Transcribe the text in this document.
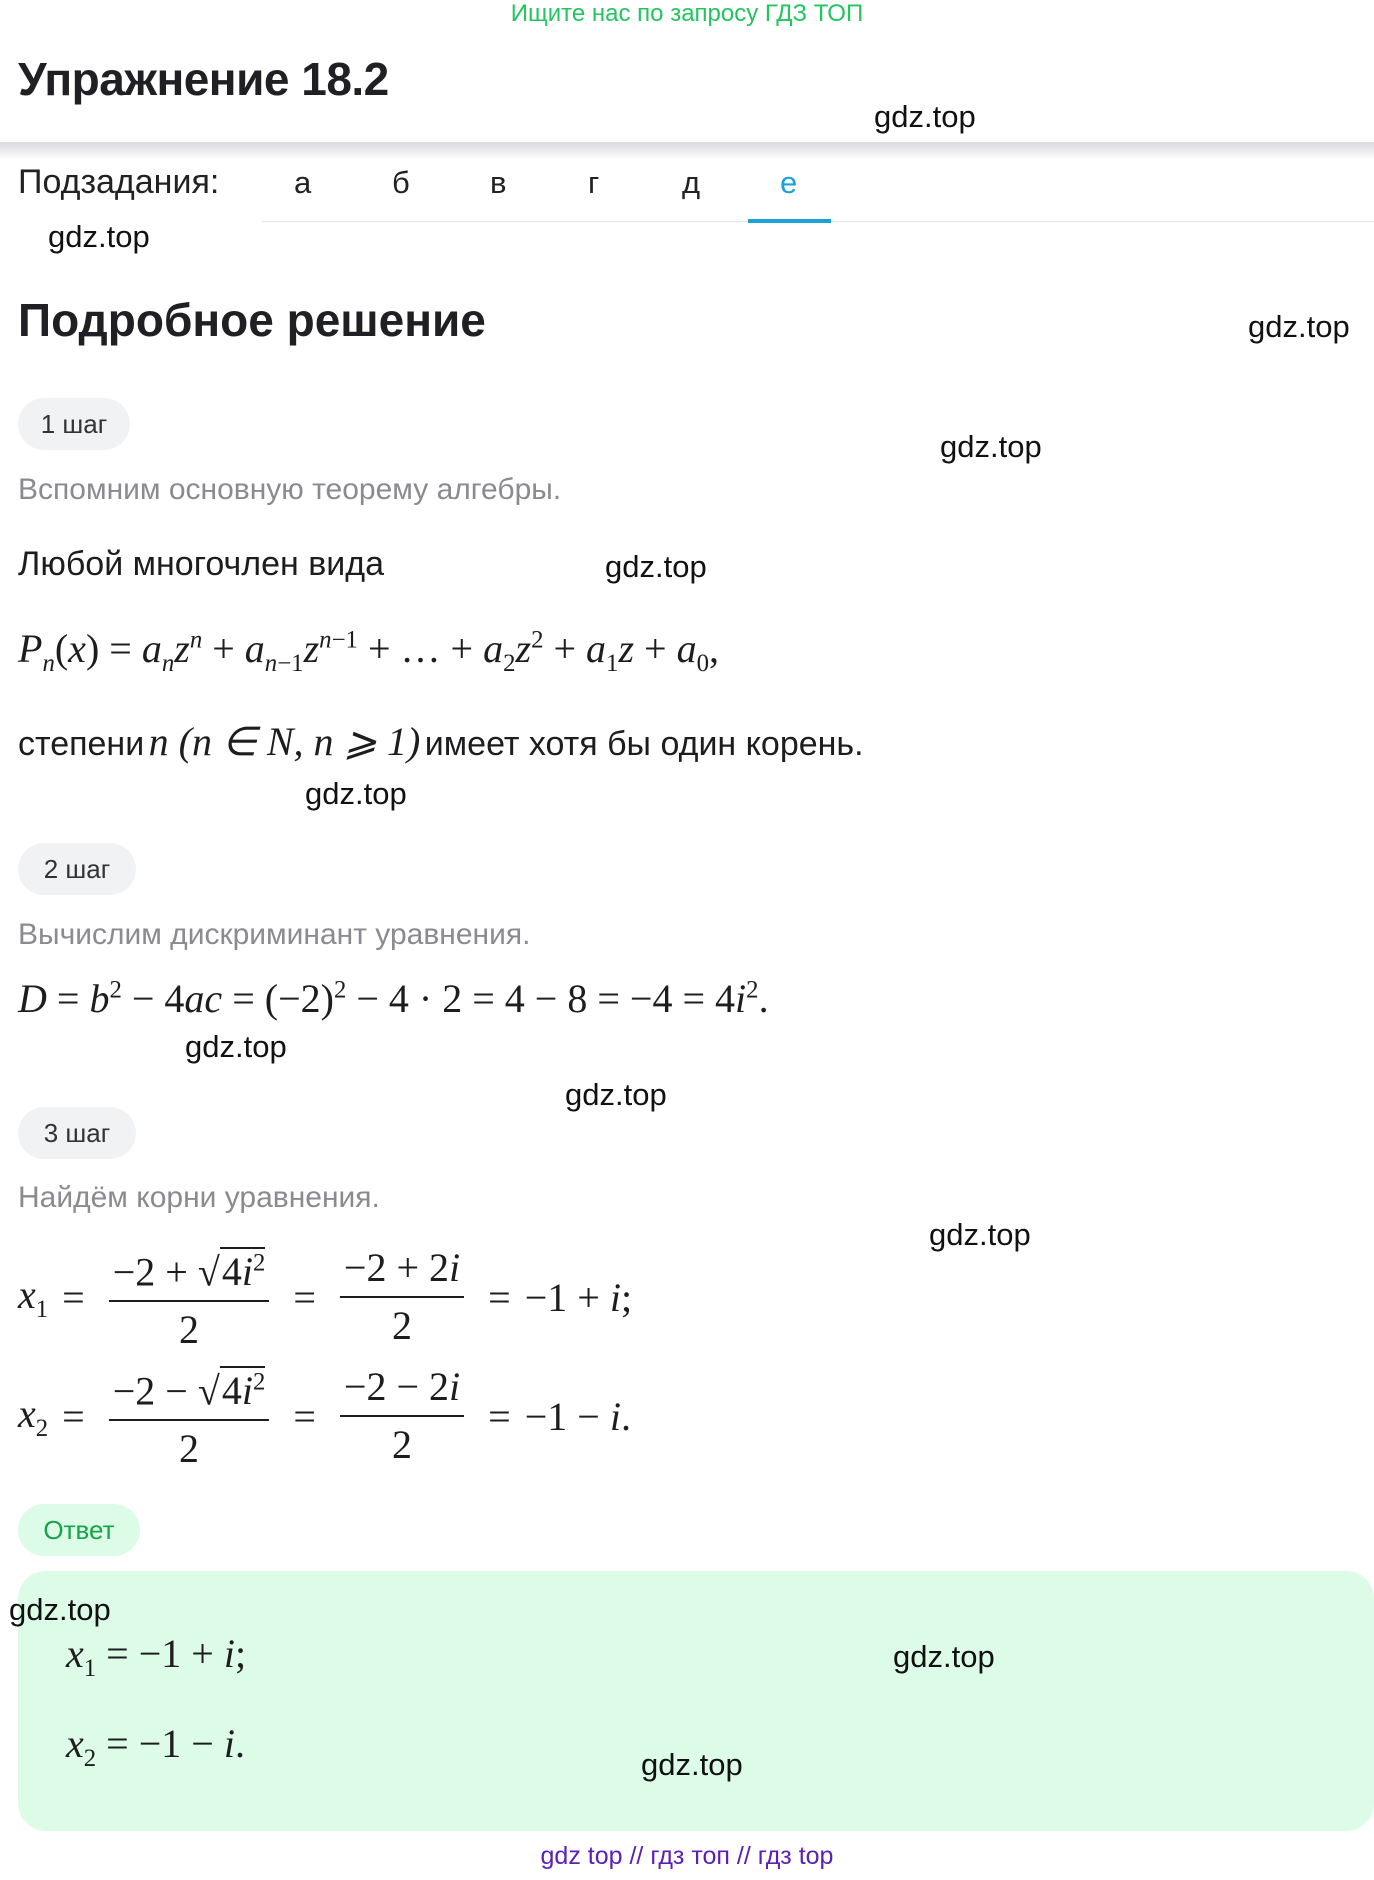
Ищите нас по запросу ГДЗ ТОП
Упражнение 18.2
gdz.top
Подзадания: а	б	в	г	д	е
gdz.top
Подробное решение	gdz.top
1 шаг
gdz.top
Вспомним основную теорему алгебры.
Любой многочлен вида	gdz.top
$P_n(x) = a_nz^n + a_{n-1}z^{n-1}$ + … + $a_2z^2 + a_1z + a_0$,
степени n (n ∈ N, n ⩾ 1) имеет хотя бы один корень.
gdz.top
2 шаг
Вычислим дискриминант уравнения.
$D = b^2 - 4ac = (-2)^2 - 4 \cdot 2 = 4 - 8 = -4 = 4i^2$.
gdz.top
gdz.top
3 шаг
Найдём корни уравнения.
gdz.top
$x_1 = \frac{-2 + √4i^2}{2} = \frac{-2 + 2i}{2} = -1 + i$;
$x_2 = \frac{-2 - √4i^2}{2} = \frac{-2 - 2i}{2} = -1 - i$.
Ответ
gdz.top
$x_1 = -1 + i$;	gdz.top
$x_2 = -1 - i$.	gdz.top
gdz top // гдз топ // гдз top
